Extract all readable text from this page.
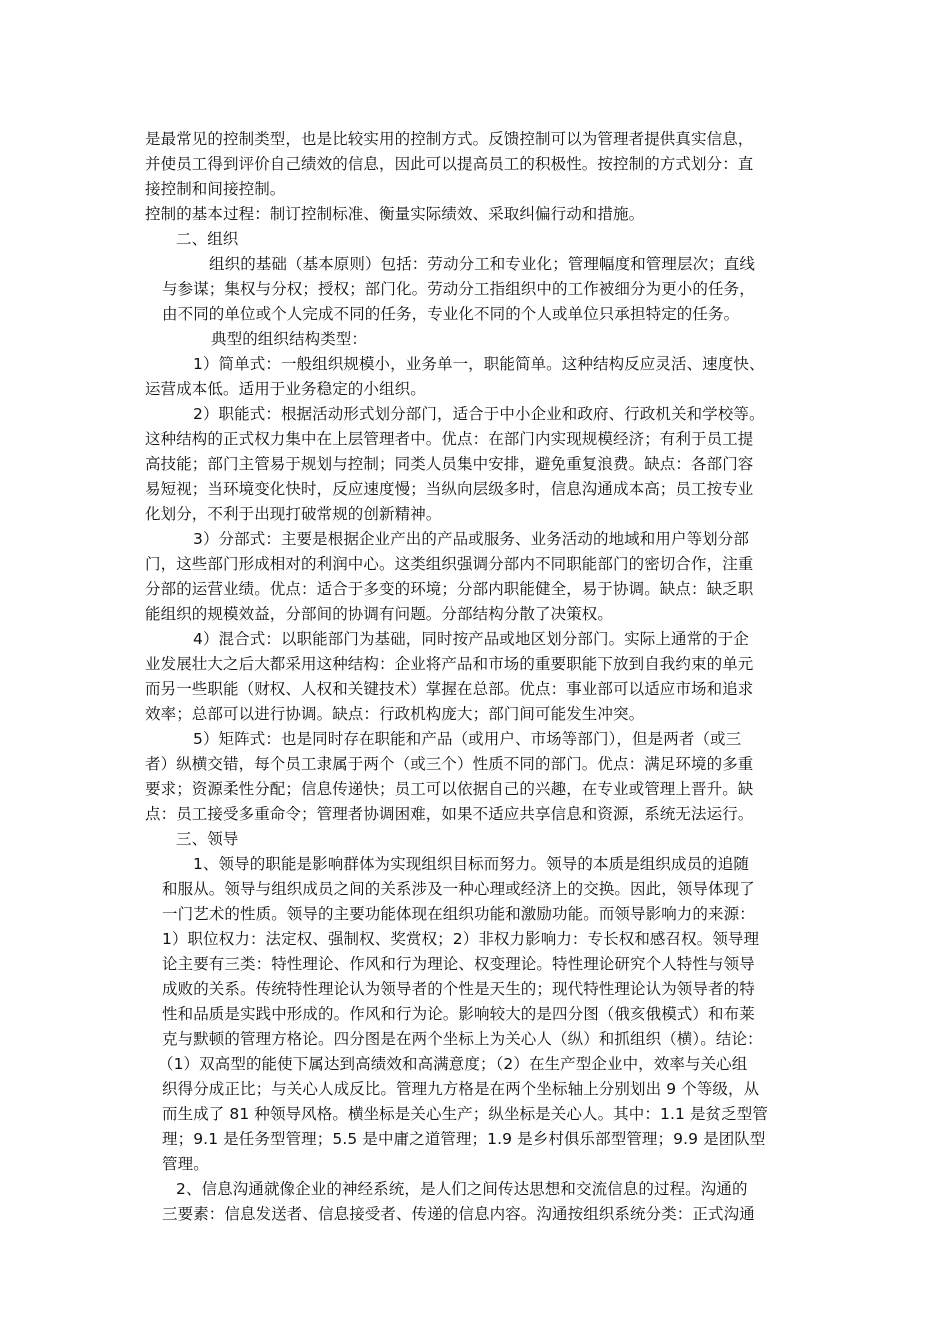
是最常见的控制类型，也是比较实用的控制方式。反馈控制可以为管理者提供真实信息，
并使员工得到评价自己绩效的信息，因此可以提高员工的积极性。按控制的方式划分：直
接控制和间接控制。
控制的基本过程：制订控制标准、衡量实际绩效、采取纠偏行动和措施。
二、组织
组织的基础（基本原则）包括：劳动分工和专业化；管理幅度和管理层次；直线
与参谋；集权与分权；授权；部门化。劳动分工指组织中的工作被细分为更小的任务，
由不同的单位或个人完成不同的任务，专业化不同的个人或单位只承担特定的任务。
典型的组织结构类型：
1）简单式：一般组织规模小，业务单一，职能简单。这种结构反应灵活、速度快、
运营成本低。适用于业务稳定的小组织。
2）职能式：根据活动形式划分部门，适合于中小企业和政府、行政机关和学校等。
这种结构的正式权力集中在上层管理者中。优点：在部门内实现规模经济；有利于员工提
高技能；部门主管易于规划与控制；同类人员集中安排，避免重复浪费。缺点：各部门容
易短视；当环境变化快时，反应速度慢；当纵向层级多时，信息沟通成本高；员工按专业
化划分，不利于出现打破常规的创新精神。
3）分部式：主要是根据企业产出的产品或服务、业务活动的地域和用户等划分部
门，这些部门形成相对的利润中心。这类组织强调分部内不同职能部门的密切合作，注重
分部的运营业绩。优点：适合于多变的环境；分部内职能健全，易于协调。缺点：缺乏职
能组织的规模效益，分部间的协调有问题。分部结构分散了决策权。
4）混合式：以职能部门为基础，同时按产品或地区划分部门。实际上通常的于企
业发展壮大之后大都采用这种结构：企业将产品和市场的重要职能下放到自我约束的单元
而另一些职能（财权、人权和关键技术）掌握在总部。优点：事业部可以适应市场和追求
效率；总部可以进行协调。缺点：行政机构庞大；部门间可能发生冲突。
5）矩阵式：也是同时存在职能和产品（或用户、市场等部门），但是两者（或三
者）纵横交错，每个员工隶属于两个（或三个）性质不同的部门。优点：满足环境的多重
要求；资源柔性分配；信息传递快；员工可以依据自己的兴趣，在专业或管理上晋升。缺
点：员工接受多重命令；管理者协调困难，如果不适应共享信息和资源，系统无法运行。
三、领导
1、领导的职能是影响群体为实现组织目标而努力。领导的本质是组织成员的追随
和服从。领导与组织成员之间的关系涉及一种心理或经济上的交换。因此，领导体现了
一门艺术的性质。领导的主要功能体现在组织功能和激励功能。而领导影响力的来源：
1）职位权力：法定权、强制权、奖赏权；2）非权力影响力：专长权和感召权。领导理
论主要有三类：特性理论、作风和行为理论、权变理论。特性理论研究个人特性与领导
成败的关系。传统特性理论认为领导者的个性是天生的；现代特性理论认为领导者的特
性和品质是实践中形成的。作风和行为论。影响较大的是四分图（俄亥俄模式）和布莱
克与默顿的管理方格论。四分图是在两个坐标上为关心人（纵）和抓组织（横）。结论：
（1）双高型的能使下属达到高绩效和高满意度；（2）在生产型企业中，效率与关心组
织得分成正比；与关心人成反比。管理九方格是在两个坐标轴上分别划出 9 个等级，从
而生成了 81 种领导风格。横坐标是关心生产；纵坐标是关心人。其中：1.1 是贫乏型管
理；9.1 是任务型管理；5.5 是中庸之道管理；1.9 是乡村俱乐部型管理；9.9 是团队型
管理。
2、信息沟通就像企业的神经系统，是人们之间传达思想和交流信息的过程。沟通的
三要素：信息发送者、信息接受者、传递的信息内容。沟通按组织系统分类：正式沟通
